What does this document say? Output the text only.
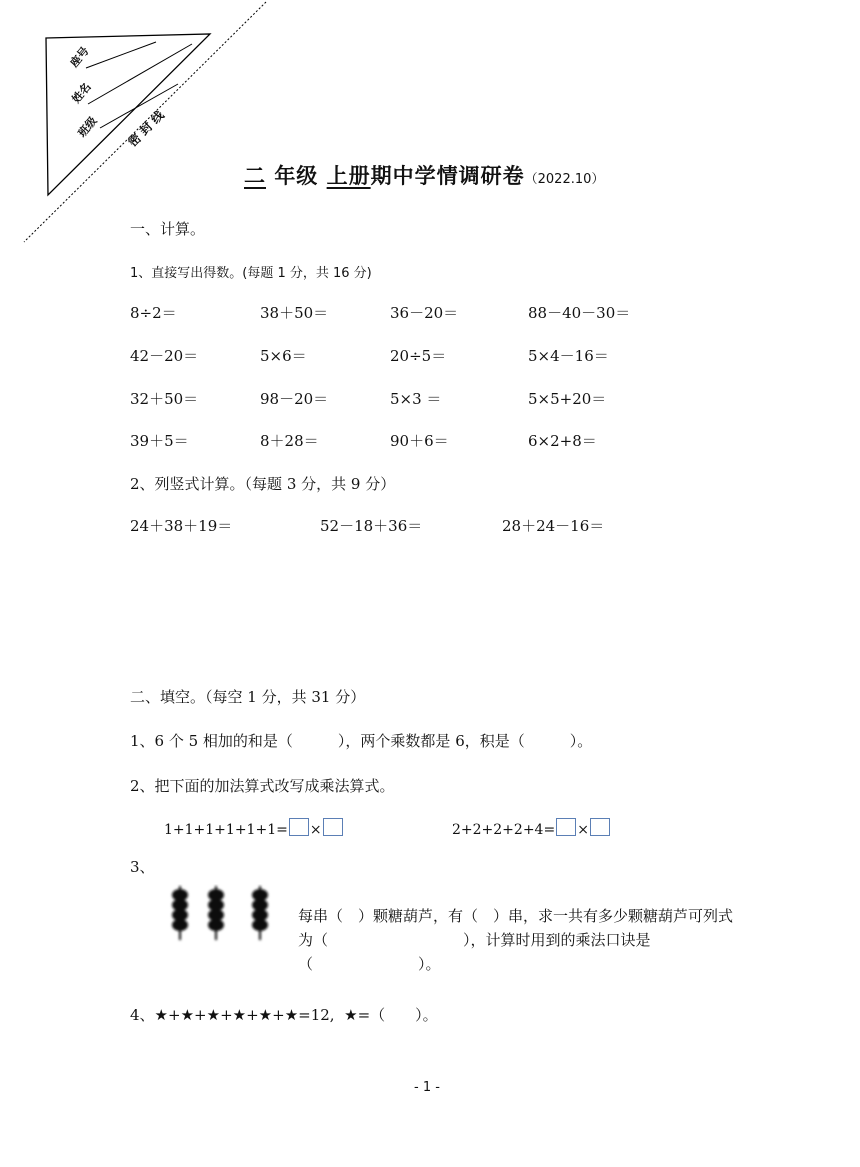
座号
姓名
班级 密 封 线
二 年级 上册期中学情调研卷（2022.10）
一、计算。
1、直接写出得数。(每题 1 分，共 16 分)
8÷2＝	38＋50＝	36－20＝	88－40－30＝
42－20＝	5×6＝	20÷5＝	5×4－16＝
32＋50＝	98－20＝	5×3 ＝	5×5+20＝
39＋5＝	8＋28＝	90＋6＝	6×2+8＝
2、列竖式计算。（每题 3 分，共 9 分）
24＋38＋19＝	52－18＋36＝	28＋24－16＝
二、填空。（每空 1 分，共 31 分）
1、6 个 5 相加的和是（　　　），两个乘数都是 6，积是（　　　）。
2、把下面的加法算式改写成乘法算式。
1+1+1+1+1+1= ×	2+2+2+2+4= ×
3、
每串（　）颗糖葫芦，有（　）串，求一共有多少颗糖葫芦可列式为（　　　　　　　　　），计算时用到的乘法口诀是（　　　　　　　）。
4、★+★+★+★+★+★=12, ★=（　　）。
- 1 -
